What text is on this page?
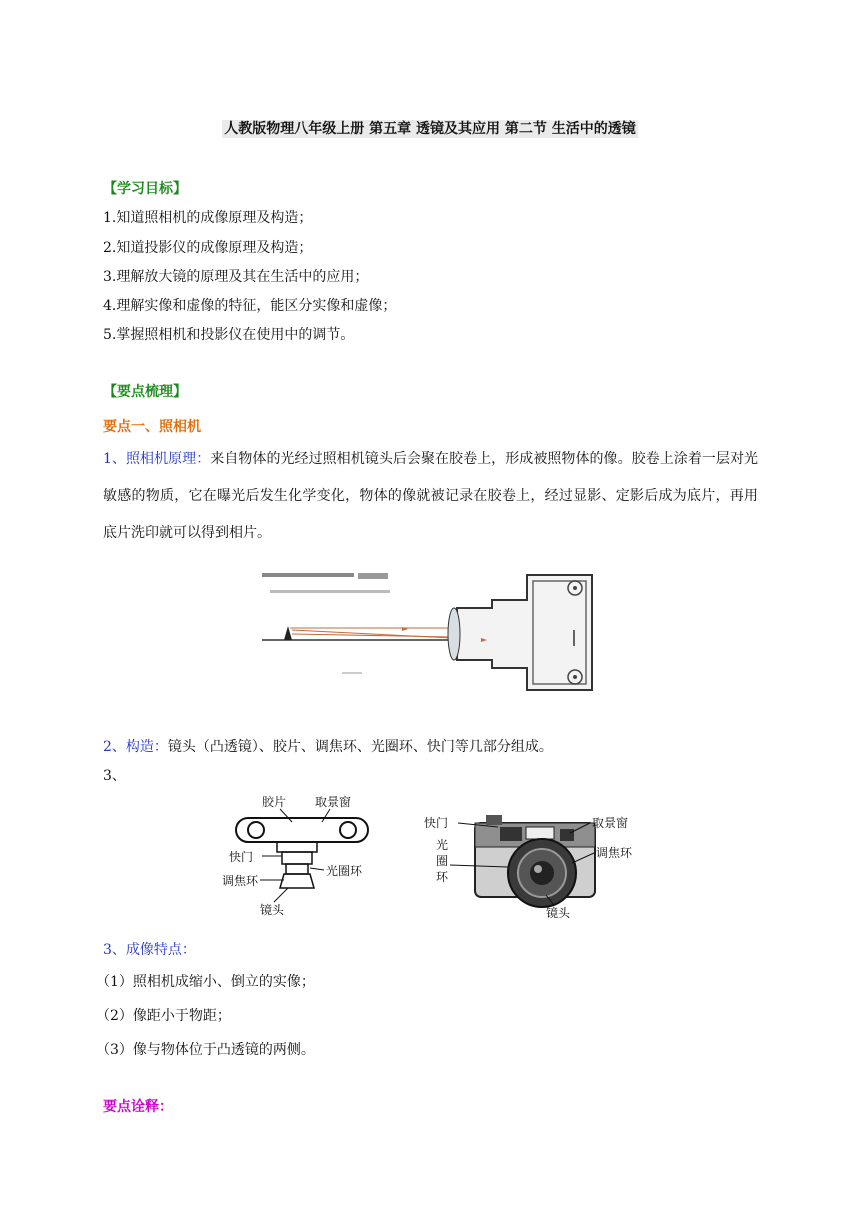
人教版物理八年级上册 第五章 透镜及其应用 第二节 生活中的透镜
【学习目标】
1.知道照相机的成像原理及构造；
2.知道投影仪的成像原理及构造；
3.理解放大镜的原理及其在生活中的应用；
4.理解实像和虚像的特征，能区分实像和虚像；
5.掌握照相机和投影仪在使用中的调节。
【要点梳理】
要点一、照相机
1、照相机原理：来自物体的光经过照相机镜头后会聚在胶卷上，形成被照物体的像。胶卷上涂着一层对光敏感的物质，它在曝光后发生化学变化，物体的像就被记录在胶卷上，经过显影、定影后成为底片，再用底片洗印就可以得到相片。
2、构造：镜头（凸透镜）、胶片、调焦环、光圈环、快门等几部分组成。
3、
胶片 取景窗
快门
调焦环
光圈环
镜头
快门
光
圈
环
取景窗
调焦环
镜头
3、成像特点：
（1）照相机成缩小、倒立的实像；
（2）像距小于物距；
（3）像与物体位于凸透镜的两侧。
要点诠释：
